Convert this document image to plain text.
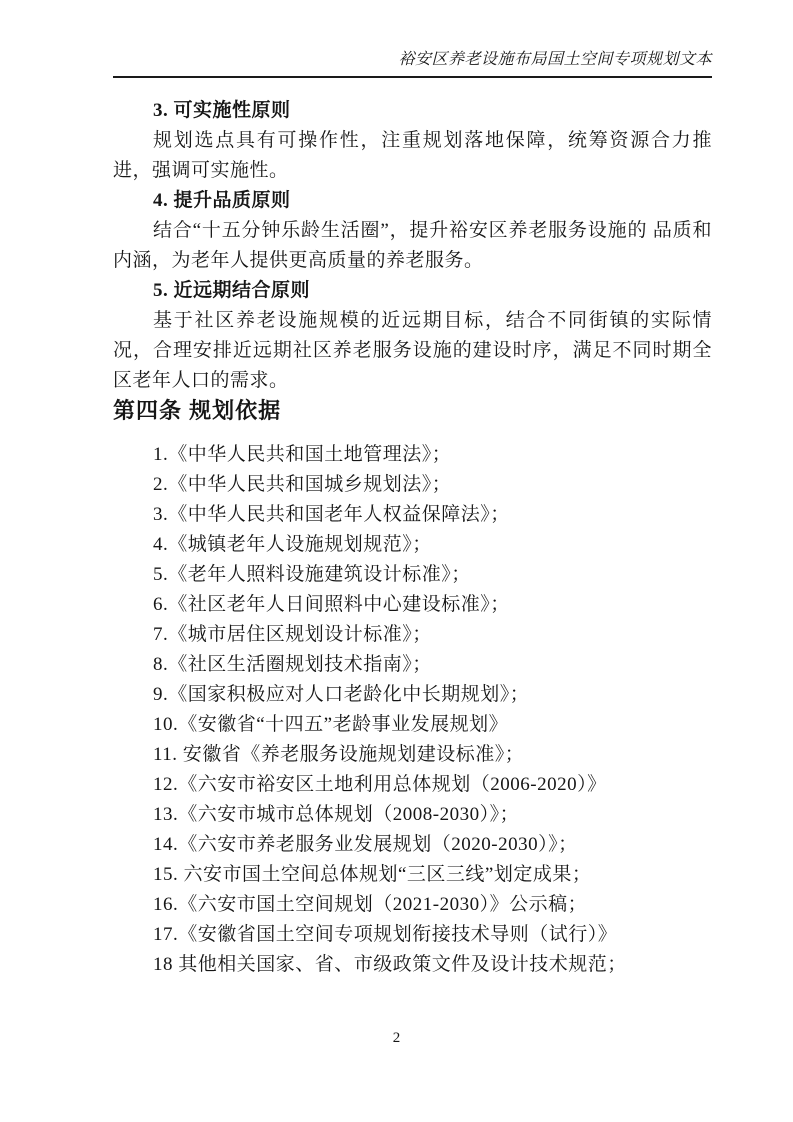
裕安区养老设施布局国土空间专项规划文本
3. 可实施性原则

规划选点具有可操作性，注重规划落地保障，统筹资源合力推进，强调可实施性。

4. 提升品质原则

结合“十五分钟乐龄生活圈”，提升裕安区养老服务设施的 品质和内涵，为老年人提供更高质量的养老服务。

5. 近远期结合原则

基于社区养老设施规模的近远期目标，结合不同街镇的实际情况，合理安排近远期社区养老服务设施的建设时序，满足不同时期全区老年人口的需求。

第四条 规划依据
1.《中华人民共和国土地管理法》；
2.《中华人民共和国城乡规划法》；
3.《中华人民共和国老年人权益保障法》；
4.《城镇老年人设施规划规范》；
5.《老年人照料设施建筑设计标准》；
6.《社区老年人日间照料中心建设标准》；
7.《城市居住区规划设计标准》；
8.《社区生活圈规划技术指南》；
9.《国家积极应对人口老龄化中长期规划》；
10.《安徽省“十四五”老龄事业发展规划》
11. 安徽省《养老服务设施规划建设标准》；
12.《六安市裕安区土地利用总体规划（2006-2020）》
13.《六安市城市总体规划（2008-2030）》；
14.《六安市养老服务业发展规划（2020-2030）》；
15. 六安市国土空间总体规划“三区三线”划定成果；
16.《六安市国土空间规划（2021-2030）》公示稿；
17.《安徽省国土空间专项规划衔接技术导则（试行）》
18 其他相关国家、省、市级政策文件及设计技术规范；
2
